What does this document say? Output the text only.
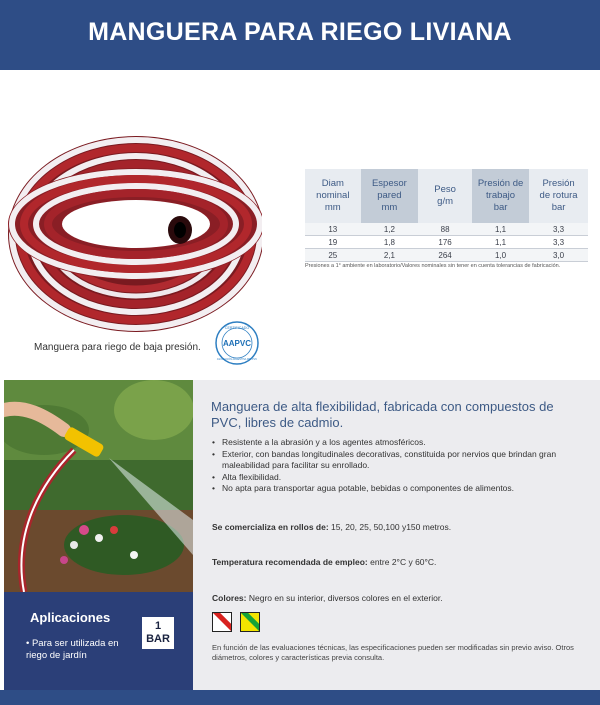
MANGUERA PARA RIEGO LIVIANA
Manguera para riego de baja presión.
CERTIFICADO
AAPVC
ASOCIACIÓN ARGENTINA DEL PVC
Diam
nominal
mm	Espesor
pared
mm	Peso
g/m	Presión de
trabajo
bar	Presión
de rotura
bar
13	1,2	88	1,1	3,3
19	1,8	176	1,1	3,3
25	2,1	264	1,0	3,0
Presiones a 1° ambiente en laboratorio/Valores nominales sin tener en cuenta tolerancias de fabricación.
Aplicaciones
• Para ser utilizada en riego de jardín
1
BAR
Manguera de alta flexibilidad, fabricada con compuestos de PVC, libres de cadmio.
• Resistente a la abrasión y a los agentes atmosféricos.
• Exterior, con bandas longitudinales decorativas, constituida por nervios que brindan gran maleabilidad para facilitar su enrollado.
• Alta flexibilidad.
• No apta para transportar agua potable, bebidas o componentes de alimentos.
Se comercializa en rollos de: 15, 20, 25, 50,100 y150 metros.
Temperatura recomendada de empleo: entre 2°C y 60°C.
Colores: Negro en su interior, diversos colores en el exterior.

En función de las evaluaciones técnicas, las especificaciones pueden ser modificadas sin previo aviso. Otros diámetros, colores y características previa consulta.
